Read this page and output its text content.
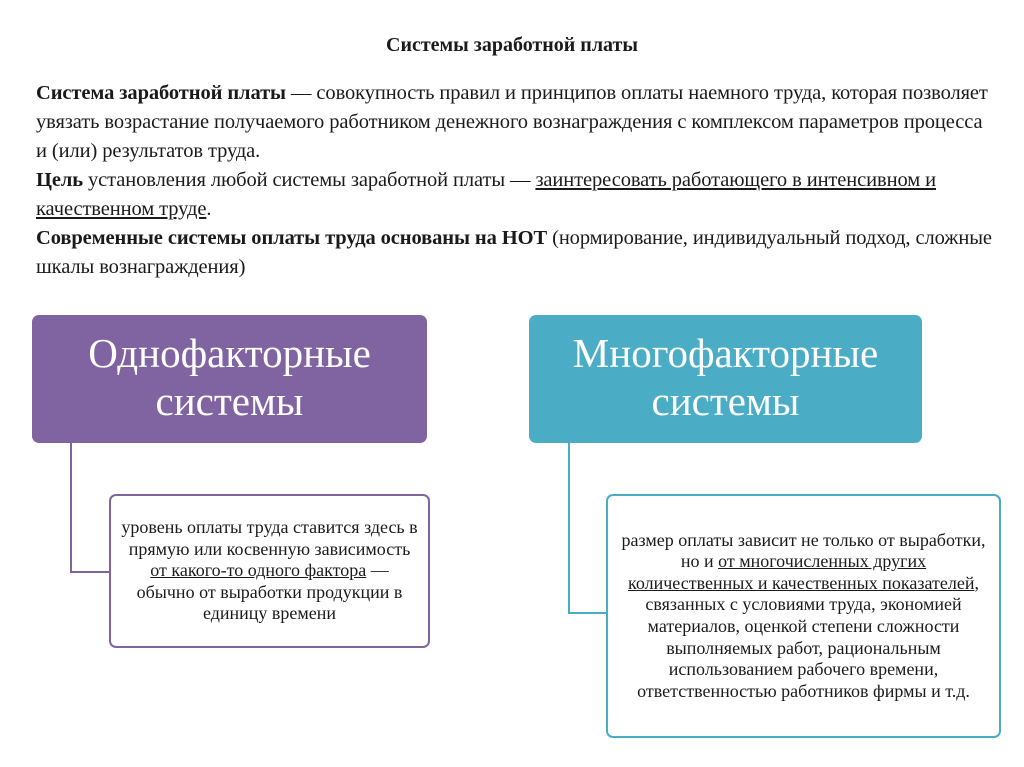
Системы заработной платы

Система заработной платы — совокупность правил и принципов оплаты наемного труда, которая позволяет увязать возрастание получаемого работником денежного вознаграждения с комплексом параметров процесса и (или) результатов труда.

Цель установления любой системы заработной платы — заинтересовать работающего в интенсивном и качественном труде.

Современные системы оплаты труда основаны на НОТ (нормирование, индивидуальный подход, сложные шкалы вознаграждения)

Однофакторные системы
уровень оплаты труда ставится здесь в прямую или косвенную зависимость от какого-то одного фактора — обычно от выработки продукции в единицу времени
Многофакторные системы
размер оплаты зависит не только от выработки, но и от многочисленных других количественных и качественных показателей, связанных с условиями труда, экономией материалов, оценкой степени сложности выполняемых работ, рациональным использованием рабочего времени, ответственностью работников фирмы и т.д.
